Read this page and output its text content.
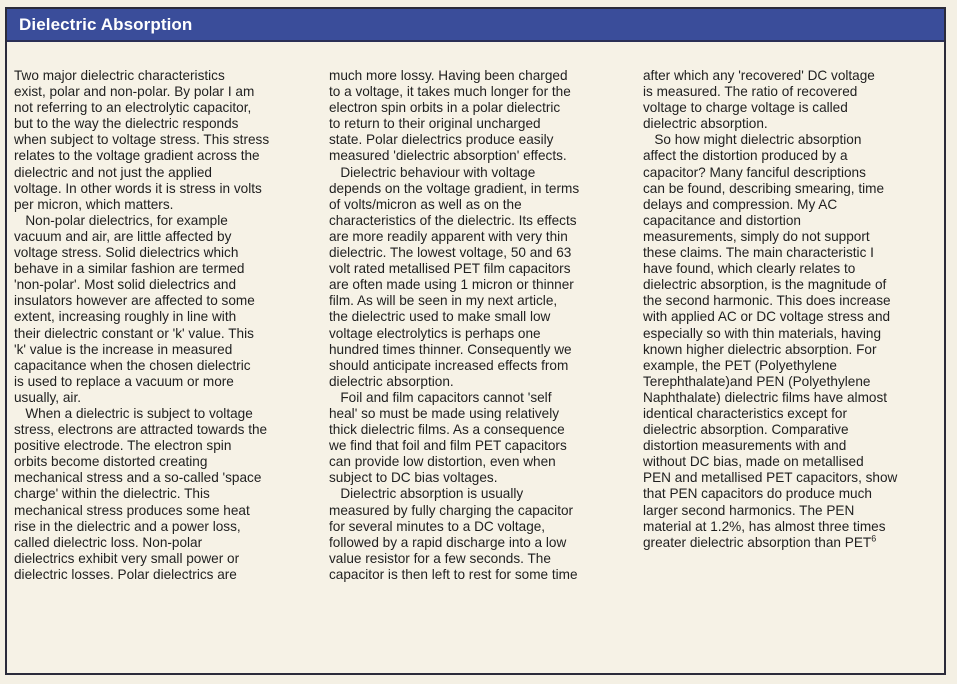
Dielectric Absorption
Two major dielectric characteristics
exist, polar and non-polar. By polar I am
not referring to an electrolytic capacitor,
but to the way the dielectric responds
when subject to voltage stress. This stress
relates to the voltage gradient across the
dielectric and not just the applied
voltage. In other words it is stress in volts
per micron, which matters.
Non-polar dielectrics, for example
vacuum and air, are little affected by
voltage stress. Solid dielectrics which
behave in a similar fashion are termed
'non-polar'. Most solid dielectrics and
insulators however are affected to some
extent, increasing roughly in line with
their dielectric constant or 'k' value. This
'k' value is the increase in measured
capacitance when the chosen dielectric
is used to replace a vacuum or more
usually, air.
When a dielectric is subject to voltage
stress, electrons are attracted towards the
positive electrode. The electron spin
orbits become distorted creating
mechanical stress and a so-called 'space
charge' within the dielectric. This
mechanical stress produces some heat
rise in the dielectric and a power loss,
called dielectric loss. Non-polar
dielectrics exhibit very small power or
dielectric losses. Polar dielectrics are
much more lossy. Having been charged
to a voltage, it takes much longer for the
electron spin orbits in a polar dielectric
to return to their original uncharged
state. Polar dielectrics produce easily
measured 'dielectric absorption' effects.
Dielectric behaviour with voltage
depends on the voltage gradient, in terms
of volts/micron as well as on the
characteristics of the dielectric. Its effects
are more readily apparent with very thin
dielectric. The lowest voltage, 50 and 63
volt rated metallised PET film capacitors
are often made using 1 micron or thinner
film. As will be seen in my next article,
the dielectric used to make small low
voltage electrolytics is perhaps one
hundred times thinner. Consequently we
should anticipate increased effects from
dielectric absorption.
Foil and film capacitors cannot 'self
heal' so must be made using relatively
thick dielectric films. As a consequence
we find that foil and film PET capacitors
can provide low distortion, even when
subject to DC bias voltages.
Dielectric absorption is usually
measured by fully charging the capacitor
for several minutes to a DC voltage,
followed by a rapid discharge into a low
value resistor for a few seconds. The
capacitor is then left to rest for some time
after which any 'recovered' DC voltage
is measured. The ratio of recovered
voltage to charge voltage is called
dielectric absorption.
So how might dielectric absorption
affect the distortion produced by a
capacitor? Many fanciful descriptions
can be found, describing smearing, time
delays and compression. My AC
capacitance and distortion
measurements, simply do not support
these claims. The main characteristic I
have found, which clearly relates to
dielectric absorption, is the magnitude of
the second harmonic. This does increase
with applied AC or DC voltage stress and
especially so with thin materials, having
known higher dielectric absorption. For
example, the PET (Polyethylene
Terephthalate)and PEN (Polyethylene
Naphthalate) dielectric films have almost
identical characteristics except for
dielectric absorption. Comparative
distortion measurements with and
without DC bias, made on metallised
PEN and metallised PET capacitors, show
that PEN capacitors do produce much
larger second harmonics. The PEN
material at 1.2%, has almost three times
greater dielectric absorption than PET$^6$
